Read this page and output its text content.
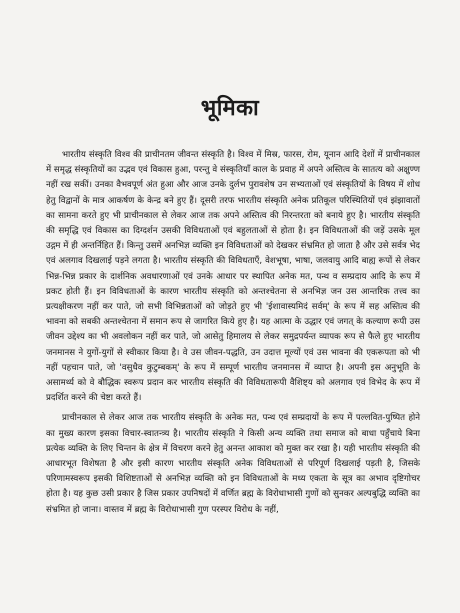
भूमिका

भारतीय संस्कृति विश्व की प्राचीनतम जीवन्त संस्कृति है। विश्व में मिस्र, फारस, रोम, यूनान आदि देशों में प्राचीनकाल में समृद्ध संस्कृतियों का उद्भव एवं विकास हुआ, परन्तु वे संस्कृतियाँ काल के प्रवाह में अपने अस्तित्व के सातत्य को अक्षुण्ण नहीं रख सकीं। उनका वैभवपूर्ण अंत हुआ और आज उनके दुर्लभ पुरावशेष उन सभ्यताओं एवं संस्कृतियों के विषय में शोध हेतु विद्वानों के मात्र आकर्षण के केन्द्र बने हुए हैं। दूसरी तरफ भारतीय संस्कृति अनेक प्रतिकूल परिस्थितियों एवं झंझावातों का सामना करते हुए भी प्राचीनकाल से लेकर आज तक अपने अस्तित्व की निरन्तरता को बनाये हुए है। भारतीय संस्कृति की समृद्धि एवं विकास का दिग्दर्शन उसकी विविधताओं एवं बहुलताओं से होता है। इन विविधताओं की जड़ें उसके मूल उद्गम में ही अन्तर्निहित हैं। किन्तु उसमें अनभिज्ञ व्यक्ति इन विविधताओं को देखकर संभ्रमित हो जाता है और उसे सर्वत्र भेद एवं अलगाव दिखलाई पड़ने लगता है। भारतीय संस्कृति की विविधताएँ, वेशभूषा, भाषा, जलवायु आदि बाह्य रूपों से लेकर भिन्न-भिन्न प्रकार के दार्शनिक अवधारणाओं एवं उनके आधार पर स्थापित अनेक मत, पन्थ व सम्प्रदाय आदि के रूप में प्रकट होती हैं। इन विविधताओं के कारण भारतीय संस्कृति को अन्तश्चेतना से अनभिज्ञ जन उस आन्तरिक तत्त्व का प्रत्यक्षीकरण नहीं कर पाते, जो सभी विभिन्नताओं को जोड़ते हुए भी 'ईशावास्यमिदं सर्वम्' के रूप में सह अस्तित्व की भावना को सबकी अन्तश्चेतना में समान रूप से जागरित किये हुए है। यह आत्मा के उद्धार एवं जगत् के कल्याण रूपी उस जीवन उद्देश्य का भी अवलोकन नहीं कर पाते, जो आसेतु हिमालय से लेकर समुद्रपर्यन्त व्यापक रूप से फैले हुए भारतीय जनमानस ने युगों-युगों से स्वीकार किया है। वे उस जीवन-पद्धति, उन उदात्त मूल्यों एवं उस भावना की एकरूपता को भी नहीं पहचान पाते, जो 'वसुधैव कुटुम्बकम्' के रूप में सम्पूर्ण भारतीय जनमानस में व्याप्त है। अपनी इस अनुभूति के असामर्थ्य को वे बौद्धिक स्वरूप प्रदान कर भारतीय संस्कृति की विविधतारूपी वैशिष्ट्य को अलगाव एवं विभेद के रूप में प्रदर्शित करने की चेष्टा करते हैं।

प्राचीनकाल से लेकर आज तक भारतीय संस्कृति के अनेक मत, पन्थ एवं सम्प्रदायों के रूप में पल्लवित-पुष्पित होने का मुख्य कारण इसका विचार-स्वातन्त्र्य है। भारतीय संस्कृति ने किसी अन्य व्यक्ति तथा समाज को बाधा पहुँचाये बिना प्रत्येक व्यक्ति के लिए चिन्तन के क्षेत्र में विचरण करने हेतु अनन्त आकाश को मुक्त कर रखा है। यही भारतीय संस्कृति की आधारभूत विशेषता है और इसी कारण भारतीय संस्कृति अनेक विविधताओं से परिपूर्ण दिखलाई पड़ती है, जिसके परिणामस्वरूप इसकी विशिष्टताओं से अनभिज्ञ व्यक्ति को इन विविधताओं के मध्य एकता के सूत्र का अभाव दृष्टिगोचर होता है। यह कुछ उसी प्रकार है जिस प्रकार उपनिषदों में वर्णित ब्रह्म के विरोधाभासी गुणों को सुनकर अल्पबुद्धि व्यक्ति का संभ्रमित हो जाना। वास्तव में ब्रह्म के विरोधाभासी गुण परस्पर विरोध के नहीं,
